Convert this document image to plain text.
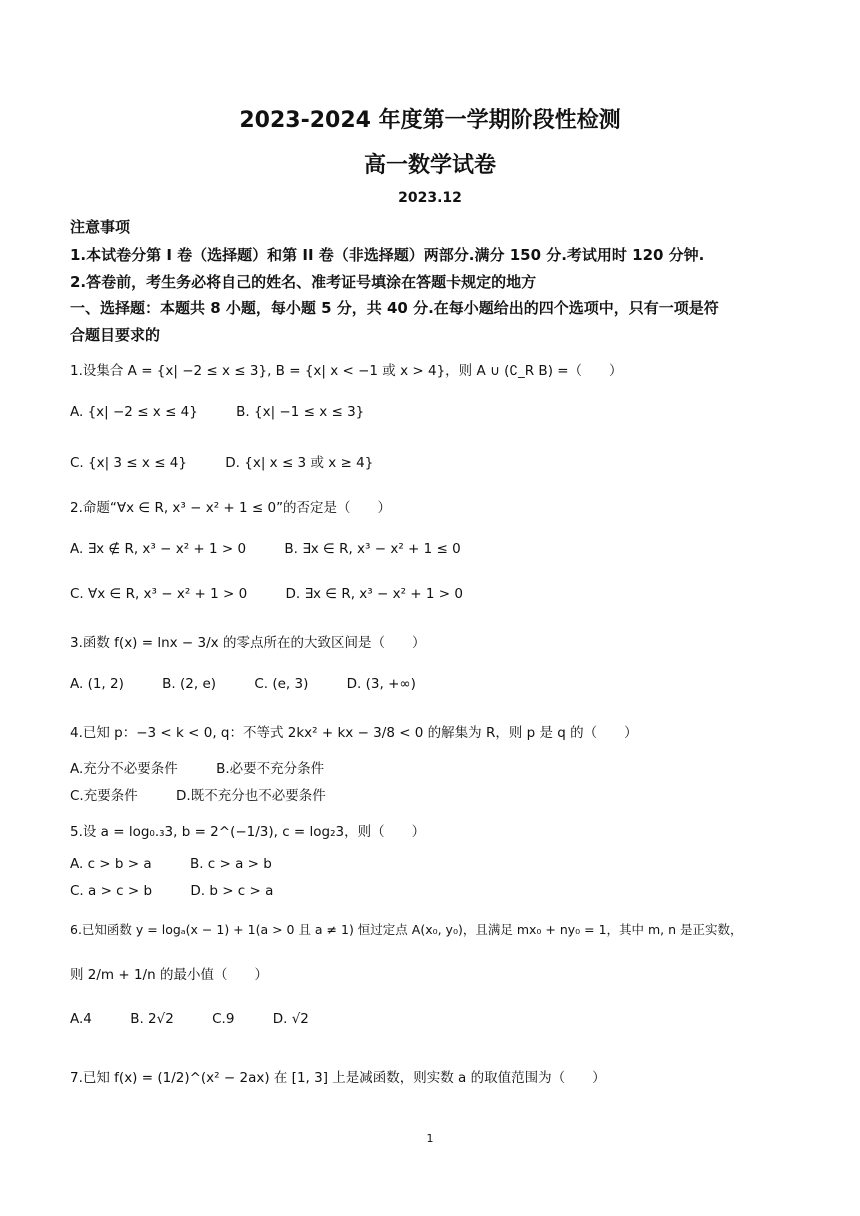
2023-2024 年度第一学期阶段性检测
高一数学试卷
2023.12
注意事项
1.本试卷分第 I 卷（选择题）和第 II 卷（非选择题）两部分.满分 150 分.考试用时 120 分钟.
2.答卷前，考生务必将自己的姓名、准考证号填涂在答题卡规定的地方
一、选择题：本题共 8 小题，每小题 5 分，共 40 分.在每小题给出的四个选项中，只有一项是符
合题目要求的
1.设集合 A = {x| −2 ≤ x ≤ 3}, B = {x| x < −1 或 x > 4}，则 A ∪ (∁_R B) =（　　）
A. {x| −2 ≤ x ≤ 4}	B. {x| −1 ≤ x ≤ 3}
C. {x| 3 ≤ x ≤ 4}	D. {x| x ≤ 3 或 x ≥ 4}
2.命题“∀x ∈ R, x³ − x² + 1 ≤ 0”的否定是（　　）
A. ∃x ∉ R, x³ − x² + 1 > 0	B. ∃x ∈ R, x³ − x² + 1 ≤ 0
C. ∀x ∈ R, x³ − x² + 1 > 0	D. ∃x ∈ R, x³ − x² + 1 > 0
3.函数 f(x) = lnx − 3/x 的零点所在的大致区间是（　　）
A. (1, 2)	B. (2, e)	C. (e, 3)	D. (3, +∞)
4.已知 p：−3 < k < 0, q：不等式 2kx² + kx − 3/8 < 0 的解集为 R，则 p 是 q 的（　　）
A.充分不必要条件	B.必要不充分条件
C.充要条件	D.既不充分也不必要条件
5.设 a = log₀.₃3, b = 2^(−1/3), c = log₂3，则（　　）
A. c > b > a	B. c > a > b
C. a > c > b	D. b > c > a
6.已知函数 y = logₐ(x − 1) + 1(a > 0 且 a ≠ 1) 恒过定点 A(x₀, y₀)，且满足 mx₀ + ny₀ = 1，其中 m, n 是正实数，
则 2/m + 1/n 的最小值（　　）
A.4	B. 2√2	C.9	D. √2
7.已知 f(x) = (1/2)^(x² − 2ax) 在 [1, 3] 上是减函数，则实数 a 的取值范围为（　　）
1
